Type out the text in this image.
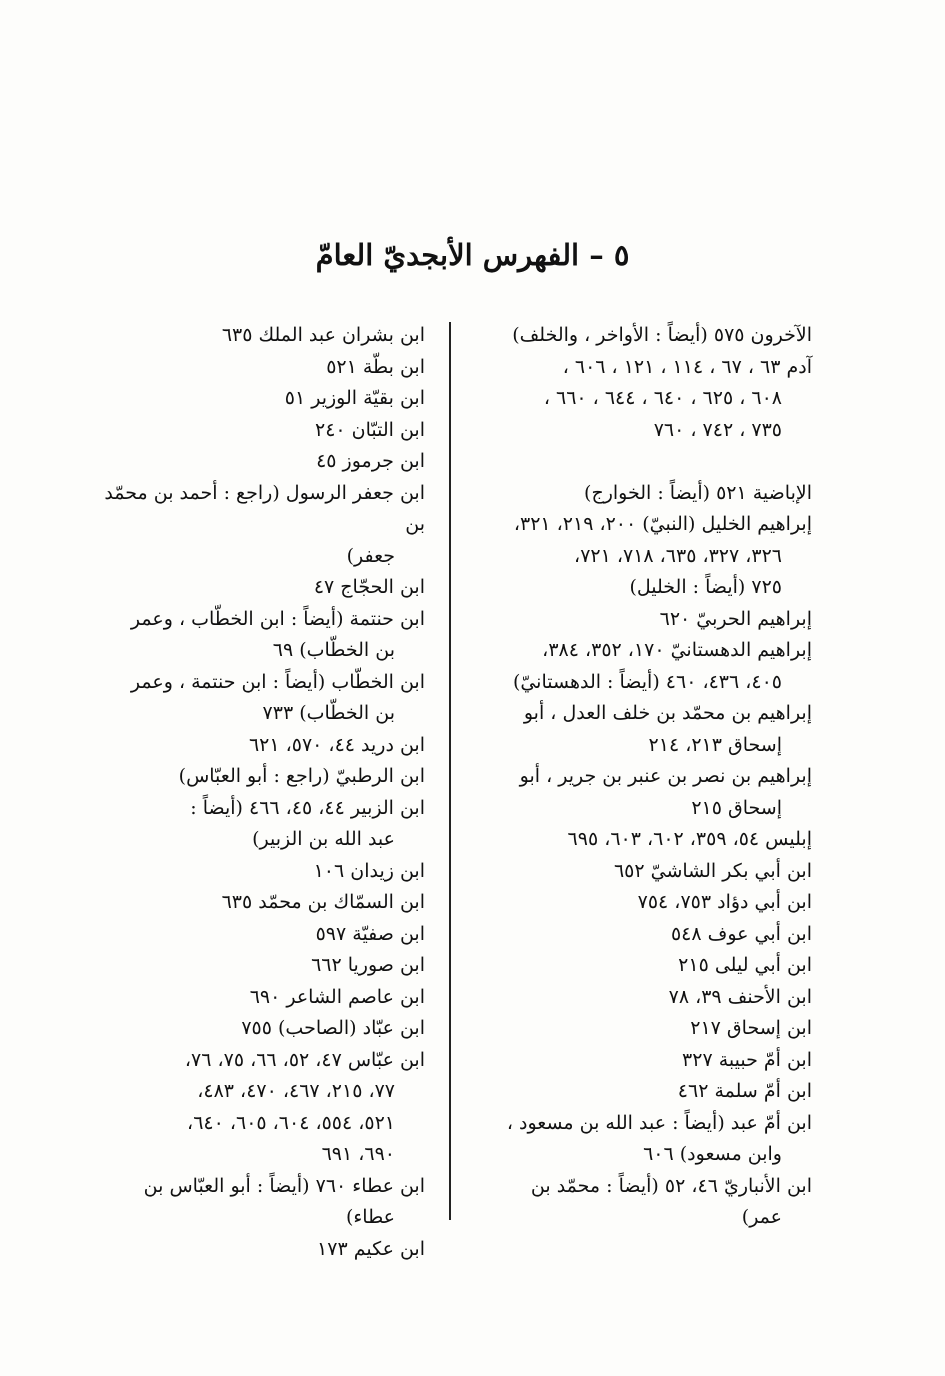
٥ – الفهرس الأبجديّ العامّ
الآخرون ٥٧٥ (أيضاً : الأواخر ، والخلف)
آدم ٦٣ ، ٦٧ ، ١١٤ ، ١٢١ ، ٦٠٦ ،
٦٠٨ ، ٦٢٥ ، ٦٤٠ ، ٦٤٤ ، ٦٦٠ ،
٧٣٥ ، ٧٤٢ ، ٧٦٠
الإباضية ٥٢١ (أيضاً : الخوارج)
إبراهيم الخليل (النبيّ) ٢٠٠، ٢١٩، ٣٢١،
٣٢٦، ٣٢٧، ٦٣٥، ٧١٨، ٧٢١،
٧٢٥ (أيضاً : الخليل)
إبراهيم الحربيّ ٦٢٠
إبراهيم الدهستانيّ ١٧٠، ٣٥٢، ٣٨٤،
٤٠٥، ٤٣٦، ٤٦٠ (أيضاً : الدهستانيّ)
إبراهيم بن محمّد بن خلف العدل ، أبو
إسحاق ٢١٣، ٢١٤
إبراهيم بن نصر بن عنبر بن جرير ، أبو
إسحاق ٢١٥
إبليس ٥٤، ٣٥٩، ٦٠٢، ٦٠٣، ٦٩٥
ابن أبي بكر الشاشيّ ٦٥٢
ابن أبي دؤاد ٧٥٣، ٧٥٤
ابن أبي عوف ٥٤٨
ابن أبي ليلى ٢١٥
ابن الأحنف ٣٩، ٧٨
ابن إسحاق ٢١٧
ابن أمّ حبيبة ٣٢٧
ابن أمّ سلمة ٤٦٢
ابن أمّ عبد (أيضاً : عبد الله بن مسعود ،
وابن مسعود) ٦٠٦
ابن الأنباريّ ٤٦، ٥٢ (أيضاً : محمّد بن
عمر)
ابن بشران عبد الملك ٦٣٥
ابن بطّة ٥٢١
ابن بقيّة الوزير ٥١
ابن التبّان ٢٤٠
ابن جرموز ٤٥
ابن جعفر الرسول (راجع : أحمد بن محمّد بن
جعفر)
ابن الحجّاج ٤٧
ابن حنتمة (أيضاً : ابن الخطّاب ، وعمر
بن الخطّاب) ٦٩
ابن الخطّاب (أيضاً : ابن حنتمة ، وعمر
بن الخطّاب) ٧٣٣
ابن دريد ٤٤، ٥٧٠، ٦٢١
ابن الرطبيّ (راجع : أبو العبّاس)
ابن الزبير ٤٤، ٤٥، ٤٦٦ (أيضاً :
عبد الله بن الزبير)
ابن زيدان ١٠٦
ابن السمّاك بن محمّد ٦٣٥
ابن صفيّة ٥٩٧
ابن صوريا ٦٦٢
ابن عاصم الشاعر ٦٩٠
ابن عبّاد (الصاحب) ٧٥٥
ابن عبّاس ٤٧، ٥٢، ٦٦، ٧٥، ٧٦،
٧٧، ٢١٥، ٤٦٧، ٤٧٠، ٤٨٣،
٥٢١، ٥٥٤، ٦٠٤، ٦٠٥، ٦٤٠،
٦٩٠، ٦٩١
ابن عطاء ٧٦٠ (أيضاً : أبو العبّاس بن
عطاء)
ابن عكيم ١٧٣
